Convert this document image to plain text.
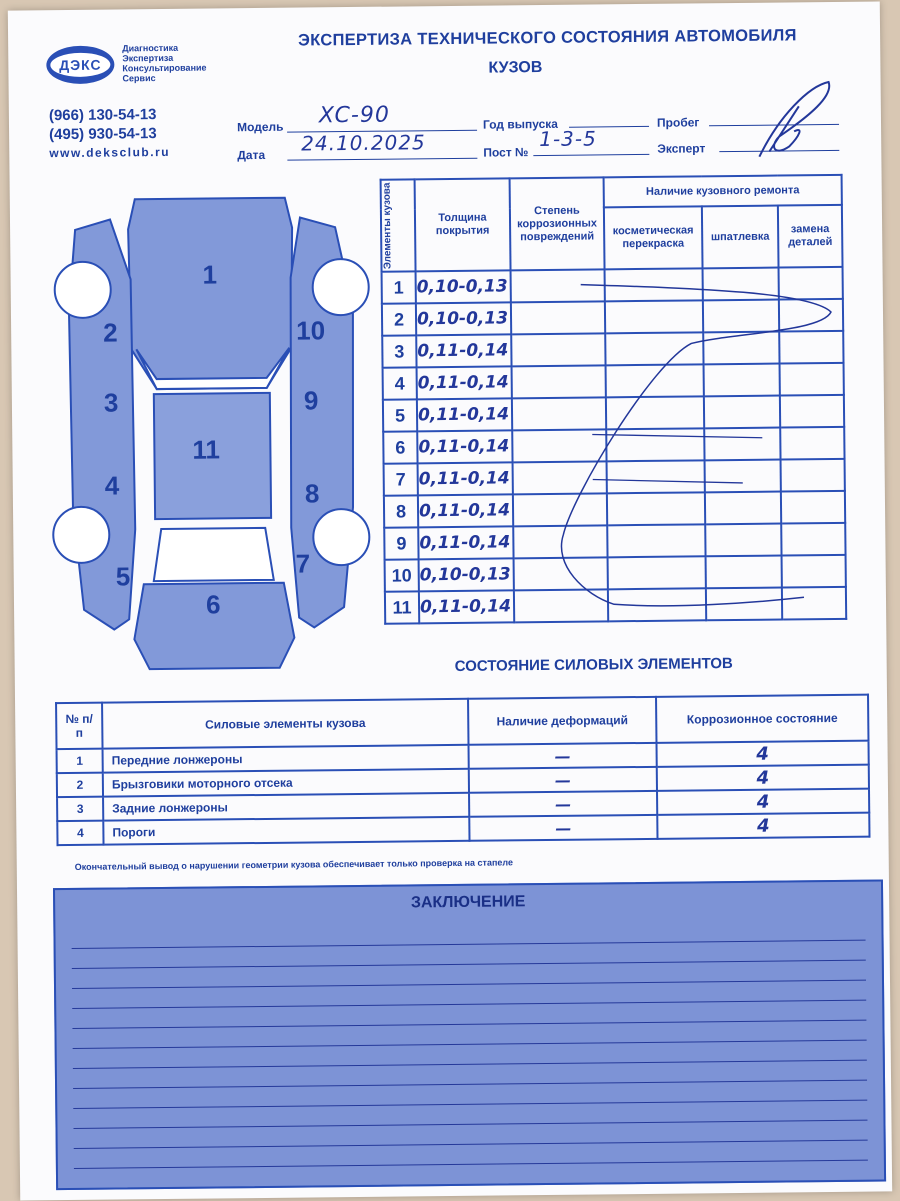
ДЭКС
Диагностика
Экспертиза
Консультирование
Сервис
(966) 130-54-13
(495) 930-54-13
www.deksclub.ru
ЭКСПЕРТИЗА ТЕХНИЧЕСКОГО СОСТОЯНИЯ АВТОМОБИЛЯ
КУЗОВ
Модель XC-90
Дата 24.10.2025
Год выпуска
Пост №
1-3-5
Пробег
Эксперт
1
2
3
4
5
6
7
8
9
10
11
Элементы кузова	Толщина покрытия	Степень коррозионных повреждений	Наличие кузовного ремонта		
			косметическая перекраска	шпатлевка	замена деталей
1	0,10-0,13				
2	0,10-0,13				
3	0,11-0,14				
4	0,11-0,14				
5	0,11-0,14				
6	0,11-0,14				
7	0,11-0,14				
8	0,11-0,14				
9	0,11-0,14				
10	0,10-0,13				
11	0,11-0,14				
СОСТОЯНИЕ СИЛОВЫХ ЭЛЕМЕНТОВ
№ п/п	Силовые элементы кузова	Наличие деформаций	Коррозионное состояние
1	Передние лонжероны	—	4
2	Брызговики моторного отсека	—	4
3	Задние лонжероны	—	4
4	Пороги	—	4
Окончательный вывод о нарушении геометрии кузова обеспечивает только проверка на стапеле
ЗАКЛЮЧЕНИЕ
